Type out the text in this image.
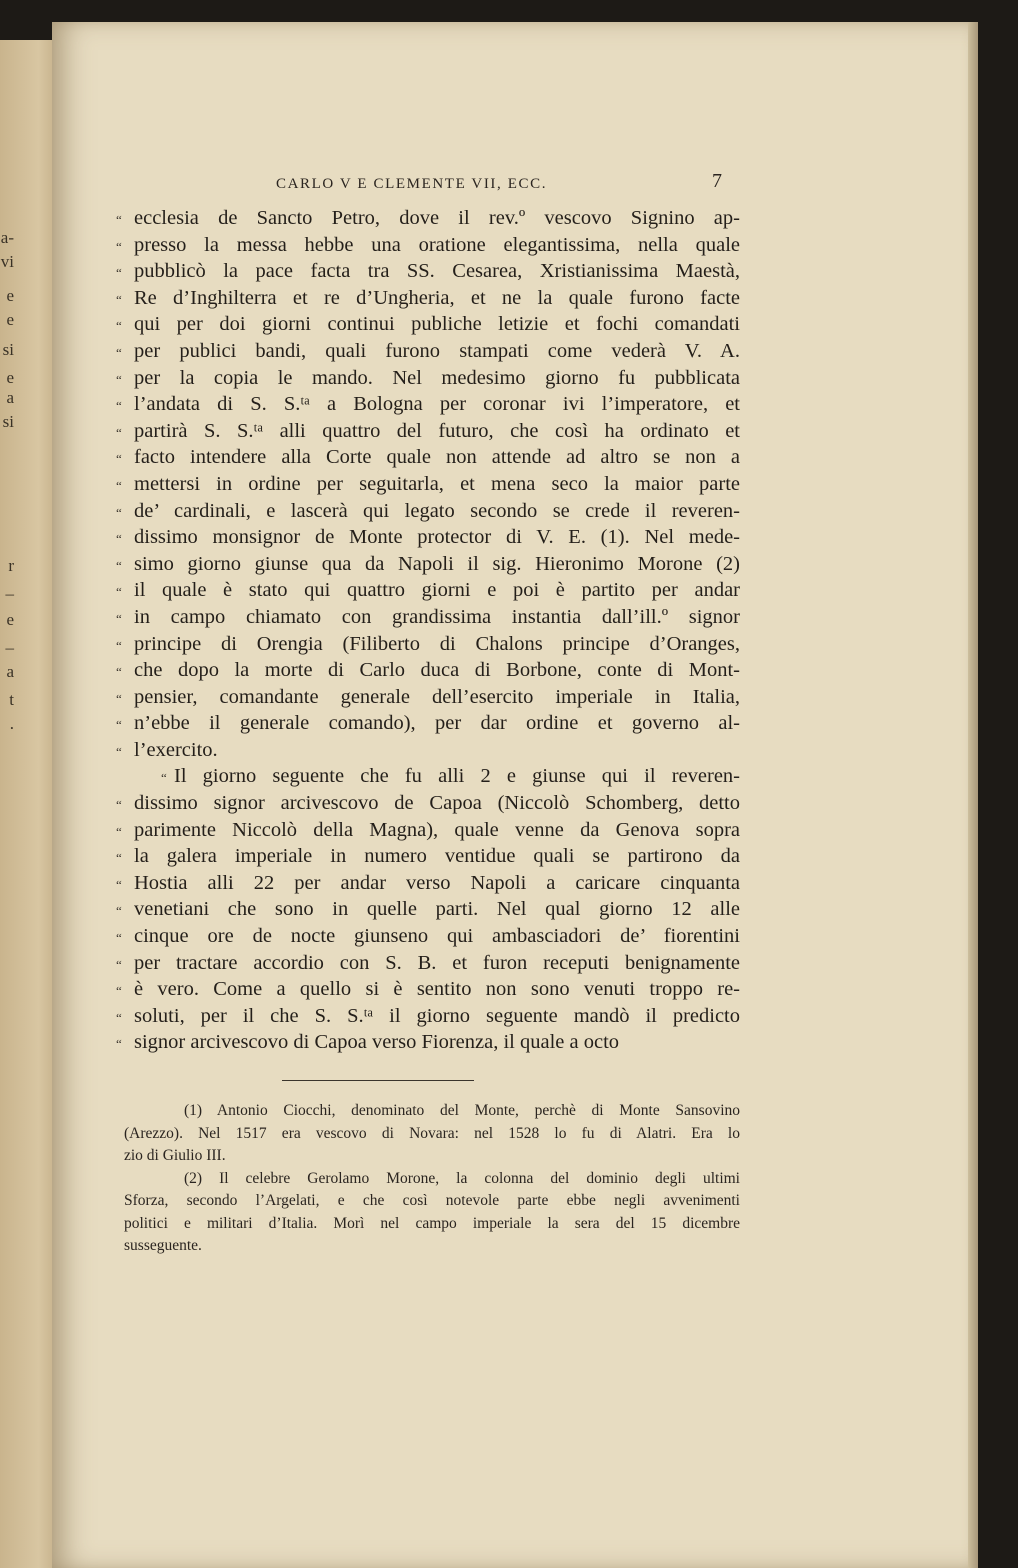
a-
vi
e
e
si
e
a
si
r
–
e
–
a
t
.
CARLO V E CLEMENTE VII, ECC.	7
“ ecclesia de Sancto Petro, dove il rev.º vescovo Signino ap-
“ presso la messa hebbe una oratione elegantissima, nella quale
“ pubblicò la pace facta tra SS. Cesarea, Xristianissima Maestà,
“ Re d’Inghilterra et re d’Ungheria, et ne la quale furono facte
“ qui per doi giorni continui publiche letizie et fochi comandati
“ per publici bandi, quali furono stampati come vederà V. A.
“ per la copia le mando. Nel medesimo giorno fu pubblicata
“ l’andata di S. S.ᵗᵃ a Bologna per coronar ivi l’imperatore, et
“ partirà S. S.ᵗᵃ alli quattro del futuro, che così ha ordinato et
“ facto intendere alla Corte quale non attende ad altro se non a
“ mettersi in ordine per seguitarla, et mena seco la maior parte
“ de’ cardinali, e lascerà qui legato secondo se crede il reveren-
“ dissimo monsignor de Monte protector di V. E. (1). Nel mede-
“ simo giorno giunse qua da Napoli il sig. Hieronimo Morone (2)
“ il quale è stato qui quattro giorni e poi è partito per andar
“ in campo chiamato con grandissima instantia dall’ill.º signor
“ principe di Orengia (Filiberto di Chalons principe d’Oranges,
“ che dopo la morte di Carlo duca di Borbone, conte di Mont-
“ pensier, comandante generale dell’esercito imperiale in Italia,
“ n’ebbe il generale comando), per dar ordine et governo al-
“ l’exercito.
“ Il giorno seguente che fu alli 2 e giunse qui il reveren-
“ dissimo signor arcivescovo de Capoa (Niccolò Schomberg, detto
“ parimente Niccolò della Magna), quale venne da Genova sopra
“ la galera imperiale in numero ventidue quali se partirono da
“ Hostia alli 22 per andar verso Napoli a caricare cinquanta
“ venetiani che sono in quelle parti. Nel qual giorno 12 alle
“ cinque ore de nocte giunseno qui ambasciadori de’ fiorentini
“ per tractare accordio con S. B. et furon receputi benignamente
“ è vero. Come a quello si è sentito non sono venuti troppo re-
“ soluti, per il che S. S.ᵗᵃ il giorno seguente mandò il predicto
“ signor arcivescovo di Capoa verso Fiorenza, il quale a octo
(1) Antonio Ciocchi, denominato del Monte, perchè di Monte Sansovino
(Arezzo). Nel 1517 era vescovo di Novara: nel 1528 lo fu di Alatri. Era lo
zio di Giulio III.
(2) Il celebre Gerolamo Morone, la colonna del dominio degli ultimi
Sforza, secondo l’Argelati, e che così notevole parte ebbe negli avvenimenti
politici e militari d’Italia. Morì nel campo imperiale la sera del 15 dicembre
susseguente.
